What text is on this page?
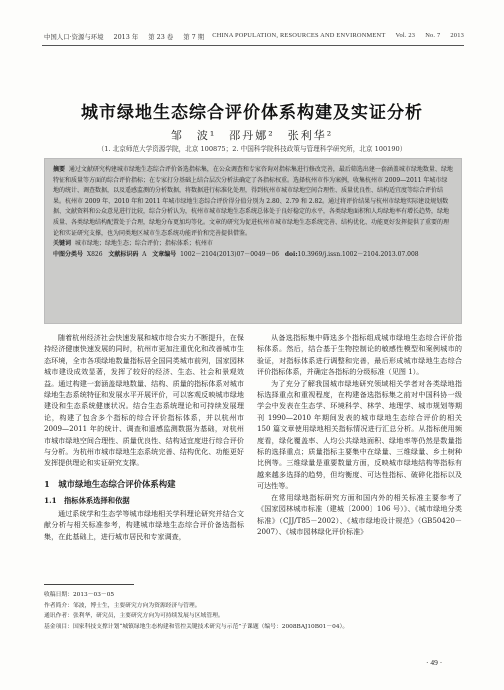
中国人口·资源与环境 2013 年 第 23 卷 第 7 期 CHINA POPULATION, RESOURCES AND ENVIRONMENT Vol. 23 No. 7 2013
城市绿地生态综合评价体系构建及实证分析
邹　波¹　邵丹娜²　张利华²
（1. 北京师范大学资源学院，北京 100875；2. 中国科学院科技政策与管理科学研究所，北京 100190）

摘要 通过文献研究构建城市绿地生态综合评价备选指标集，在公众调查和专家咨询对指标集进行修改完善，最后筛选出建一套涵盖城市绿地数量、绿地特征和质量等方面的综合评价指标；在专家打分基础上结合层次分析法确定了各指标权重。选择杭州市作为案例，收集杭州市 2009—2011 年城市绿地的统计、调查数据，以及遥感监测的分析数据，将数据进行标准化处理，得到杭州市城市绿地空间合理性、质量优良性、结构适宜度等综合评价结果。杭州市 2009 年、2010 年和 2011 年城市绿地生态综合评价得分值分别为 2.80、2.79 和 2.82。通过将评价结果与杭州市绿地实际建设规划数据、文献资料和公众意见进行比较，综合分析认为，杭州市城市绿地生态系统总体处于良好稳定的水平，各类绿地面积和人均绿地率有增长趋势，绿地质量、各类绿地结构配置处于合理，绿地分布更加均等化。文章的研究为促进杭州市城市绿地生态系统完善、结构优化、功能更好发挥提供了重要的理论和实证研究支撑，也为同类地区城市生态系统功能评价和完善提供借鉴。

关键词 城市绿地；绿地生态；综合评价；指标体系；杭州市

中图分类号 X826 文献标识码 A 文章编号 1002－2104(2013)07－0049－06 doi:10.3969/j.issn.1002－2104.2013.07.008

随着杭州经济社会快速发展和城市综合实力不断提升，在保持经济健康快速发展的同时，杭州市更加注重优化和改善城市生态环境，全市各项绿地数量指标居全国同类城市前列，国家园林城市建设成效显著，发挥了较好的经济、生态、社会和景观效益。通过构建一套涵盖绿地数量、结构、质量的指标体系对城市绿地生态系统特征和发展水平开展评价，可以客观反映城市绿地建设和生态系统健康状况。结合生态系统理论和可持续发展理论，构建了包含多个指标的综合评价指标体系，并以杭州市 2009—2011 年的统计、调查和遥感监测数据为基础，对杭州市城市绿地空间合理性、质量优良性、结构适宜度进行综合评价与分析。为杭州市城市绿地生态系统完善、结构优化、功能更好发挥提供理论和实证研究支撑。

1　城市绿地生态综合评价体系构建
1.1　指标体系选择和依据

通过系统学和生态学等城市绿地相关学科理论研究并结合文献分析与相关标准参考，构建城市绿地生态综合评价备选指标集，在此基础上，进行城市居民和专家调查，

从备选指标集中筛选多个指标组成城市绿地生态综合评价指标体系。然后，结合基于生物控制论的敏感性模型和案例城市的验证，对指标体系进行调整和完善，最后形成城市绿地生态综合评价指标体系，并确定各指标的分级标准（见图 1）。

为了充分了解我国城市绿地研究领域相关学者对各类绿地指标选择重点和重视程度，在构建备选指标集之前对中国科协一级学会中发表在生态学、环境科学、林学、地理学、城市规划等期刊 1990—2010 年期间发表的城市绿地生态综合评价的相关 150 篇文章使用绿地相关指标情况进行汇总分析。从指标使用频度看，绿化覆盖率、人均公共绿地面积、绿地率等仍然是数量指标的选择重点；质量指标主要集中在绿量、三维绿量、乡土树种比例等。三维绿量是重要数量方面，反映城市绿地结构等指标有越来越多选择的趋势，但均衡度、可达性指标、破碎化指标以及可达性等。

在常用绿地指标研究方面和国内外的相关标准主要参考了《国家园林城市标准（建城〔2000〕106 号）》、《城市绿地分类标准》（CJJ/T85－2002）、《城市绿地设计规范》（GB50420－2007）、《城市园林绿化评价标准》

收稿日期：2013－03－05
作者简介：邹波，博士生，主要研究方向为资源经济与管理。
通讯作者：张利华，研究员，主要研究方向为可持续发展与区域管理。
基金项目：国家科技支撑计划“城镇绿地生态构建和管控关键技术研究与示范”子课题（编号：2008BAJ10B01－04）。
· 49 ·
